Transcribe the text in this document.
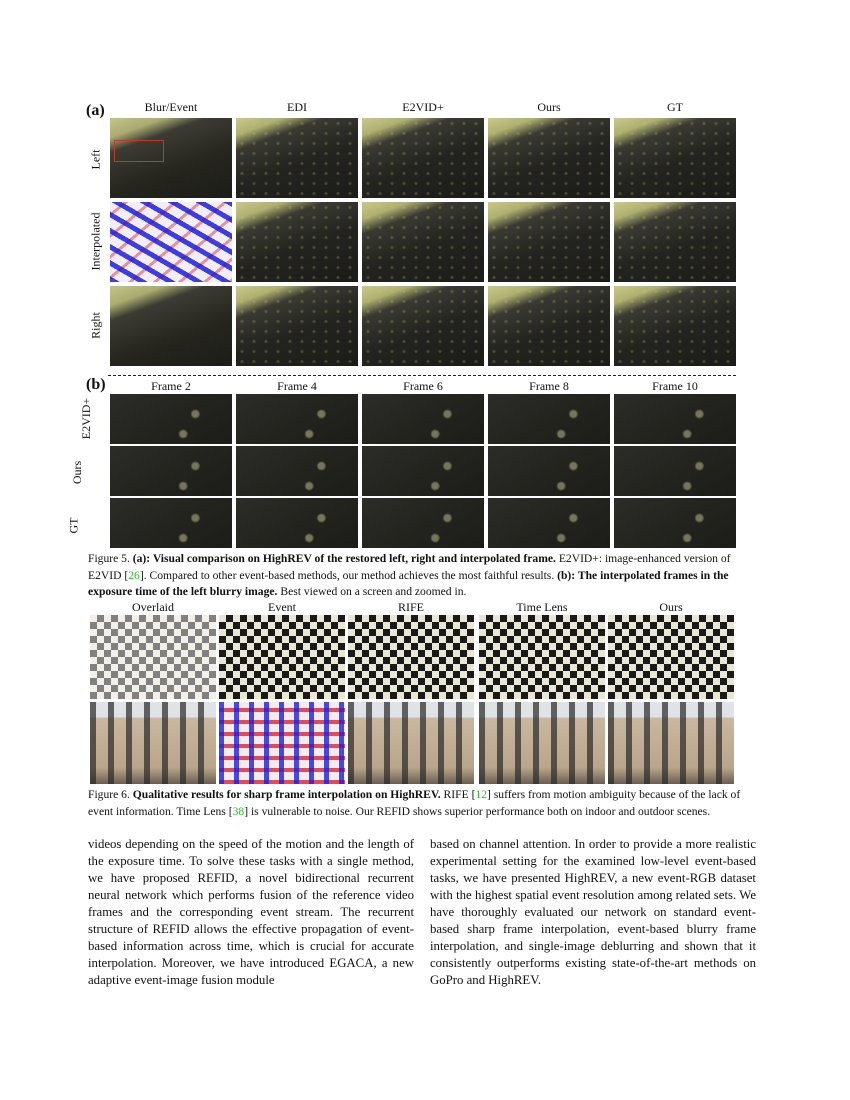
(a)	Blur/Event	EDI	E2VID+	Ours	GT
Left
Interpolated
Right
(b)	Frame 2	Frame 4	Frame 6	Frame 8	Frame 10
E2VID+
Ours
GT
Figure 5. (a): Visual comparison on HighREV of the restored left, right and interpolated frame. E2VID+: image-enhanced version of E2VID [26]. Compared to other event-based methods, our method achieves the most faithful results. (b): The interpolated frames in the exposure time of the left blurry image. Best viewed on a screen and zoomed in.
Overlaid	Event	RIFE	Time Lens	Ours
Figure 6. Qualitative results for sharp frame interpolation on HighREV. RIFE [12] suffers from motion ambiguity because of the lack of event information. Time Lens [38] is vulnerable to noise. Our REFID shows superior performance both on indoor and outdoor scenes.
videos depending on the speed of the motion and the length of the exposure time. To solve these tasks with a single method, we have proposed REFID, a novel bidirectional recurrent neural network which performs fusion of the reference video frames and the corresponding event stream. The recurrent structure of REFID allows the effective propagation of event-based information across time, which is crucial for accurate interpolation. Moreover, we have introduced EGACA, a new adaptive event-image fusion module
based on channel attention. In order to provide a more realistic experimental setting for the examined low-level event-based tasks, we have presented HighREV, a new event-RGB dataset with the highest spatial event resolution among related sets. We have thoroughly evaluated our network on standard event-based sharp frame interpolation, event-based blurry frame interpolation, and single-image deblurring and shown that it consistently outperforms existing state-of-the-art methods on GoPro and HighREV.
